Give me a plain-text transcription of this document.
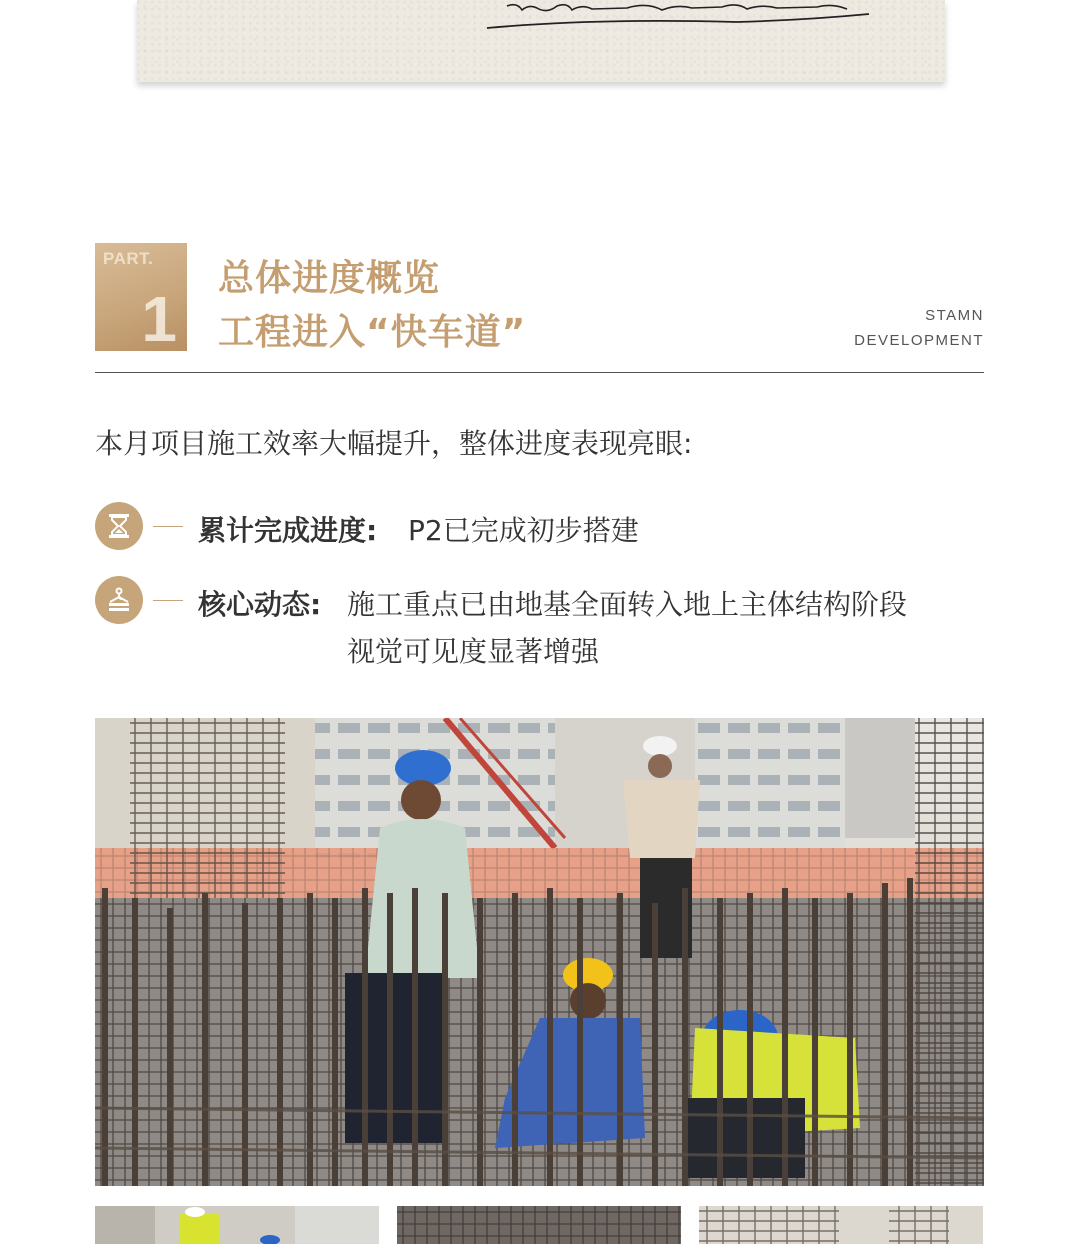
PART.
1
总体进度概览
工程进入“快车道”	STAMN
DEVELOPMENT
本月项目施工效率大幅提升，整体进度表现亮眼:
累计完成进度: P2已完成初步搭建
核心动态: 施工重点已由地基全面转入地上主体结构阶段
视觉可见度显著增强
